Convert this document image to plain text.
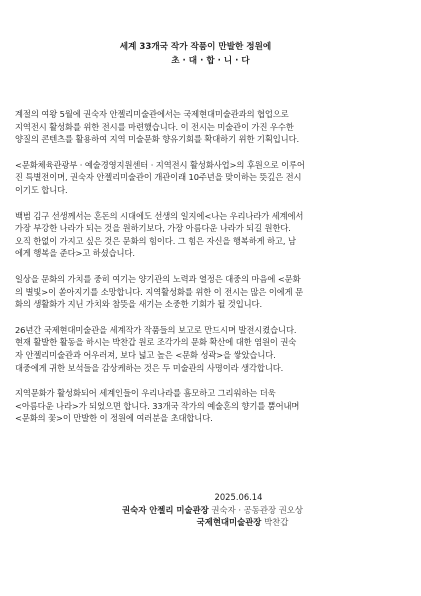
세계 33개국 작가 작품이 만발한 정원에
초 · 대 · 합 · 니 · 다

계절의 여왕 5월에 권숙자 안젤리미술관에서는 국제현대미술관과의 협업으로
지역전시 활성화를 위한 전시를 마련했습니다. 이 전시는 미술관이 가진 우수한
양질의 콘텐츠를 활용하여 지역 미술문화 향유기회를 확대하기 위한 기획입니다.

<문화체육관광부 · 예술경영지원센터 · 지역전시 활성화사업>의 후원으로 이루어
진 특별전이며, 권숙자 안젤리미술관이 개관이래 10주년을 맞이하는 뜻깊은 전시
이기도 합니다.

백범 김구 선생께서는 혼돈의 시대에도 선생의 일지에<나는 우리나라가 세계에서
가장 부강한 나라가 되는 것을 원하기보다, 가장 아름다운 나라가 되길 원한다.
오직 한없이 가지고 싶은 것은 문화의 힘이다. 그 힘은 자신을 행복하게 하고, 남
에게 행복을 준다>고 하셨습니다.

일상을 문화의 가치를 중히 여기는 양기관의 노력과 열정은 대중의 마음에 <문화
의 별빛>이 쏟아지기를 소망합니다. 지역활성화를 위한 이 전시는 많은 이에게 문
화의 생활화가 지닌 가치와 참뜻을 새기는 소중한 기회가 될 것입니다.

26년간 국제현대미술관을 세계작가 작품들의 보고로 만드시며 발전시켰습니다.
현재 활발한 활동을 하시는 박찬갑 원로 조각가의 문화 확산에 대한 염원이 권숙
자 안젤리미술관과 어우러져, 보다 넓고 높은 <문화 성곽>을 쌓았습니다.
대중에게 귀한 보석들을 감상케하는 것은 두 미술관의 사명이라 생각합니다.

지역문화가 활성화되어 세계인들이 우리나라를 흠모하고 그리워하는 더욱
<아름다운 나라>가 되었으면 합니다. 33개국 작가의 예술혼의 향기를 뿜어내며
<문화의 꽃>이 만발한 이 정원에 여러분을 초대합니다.

2025.06.14
권숙자 안젤리 미술관장 권숙자 · 공동관장 권오상
국제현대미술관장 박찬갑
